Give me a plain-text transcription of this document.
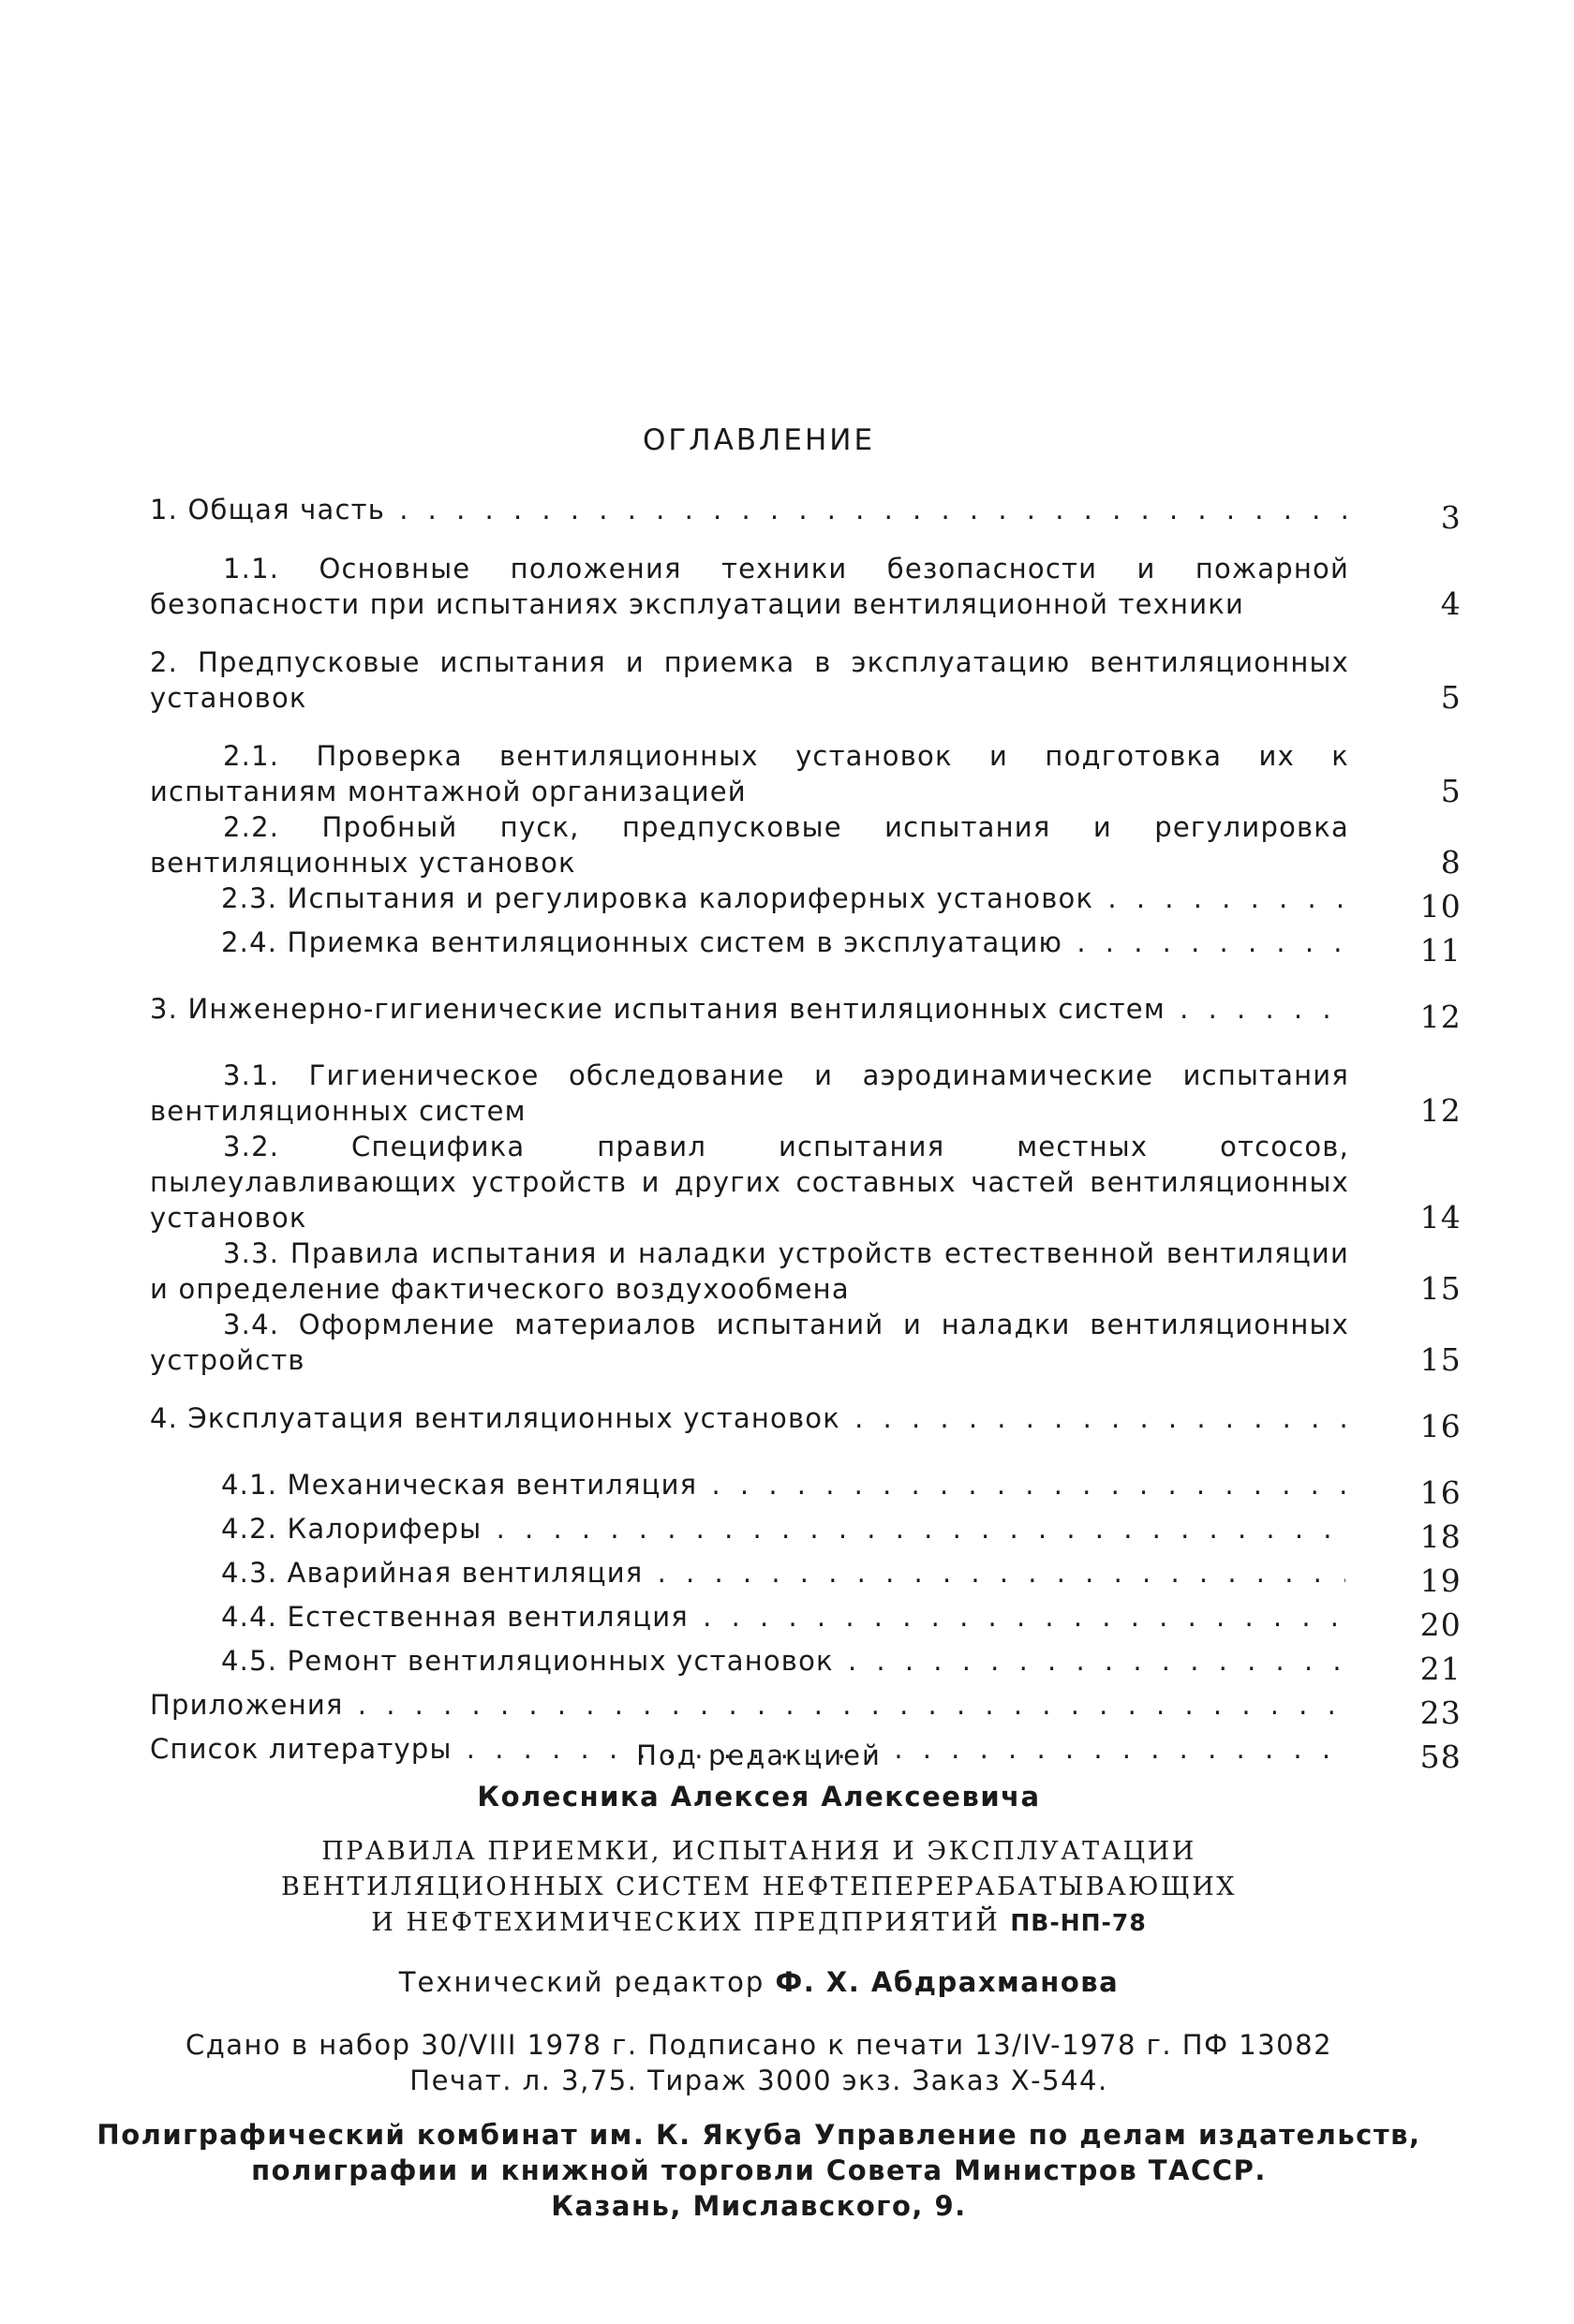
ОГЛАВЛЕНИЕ
1. Общая часть . .	3
1.1. Основные положения техники безопасности и пожарной безопасности при испытаниях эксплуатации вентиляционной техники	4
2. Предпусковые испытания и приемка в эксплуатацию вентиляционных установок	5
2.1. Проверка вентиляционных установок и подготовка их к испытаниям монтажной организацией	5
2.2. Пробный пуск, предпусковые испытания и регулировка вентиляционных установок	8
2.3. Испытания и регулировка калориферных установок . .	10
2.4. Приемка вентиляционных систем в эксплуатацию . .	11
3. Инженерно-гигиенические испытания вентиляционных систем . .	12
3.1. Гигиеническое обследование и аэродинамические испытания вентиляционных систем	12
3.2. Специфика правил испытания местных отсосов, пылеулавливающих устройств и других составных частей вентиляционных установок	14
3.3. Правила испытания и наладки устройств естественной вентиляции и определение фактического воздухообмена	15
3.4. Оформление материалов испытаний и наладки вентиляционных устройств	15
4. Эксплуатация вентиляционных установок . .	16
4.1. Механическая вентиляция . .	16
4.2. Калориферы . .	18
4.3. Аварийная вентиляция . .	19
4.4. Естественная вентиляция . .	20
4.5. Ремонт вентиляционных установок . .	21
Приложения . .	23
Список литературы . .	58
Под редакцией
Колесника Алексея Алексеевича
ПРАВИЛА ПРИЕМКИ, ИСПЫТАНИЯ И ЭКСПЛУАТАЦИИ
ВЕНТИЛЯЦИОННЫХ СИСТЕМ НЕФТЕПЕРЕРАБАТЫВАЮЩИХ
И НЕФТЕХИМИЧЕСКИХ ПРЕДПРИЯТИЙ ПВ-НП-78
Технический редактор Ф. Х. Абдрахманова
Сдано в набор 30/VIII 1978 г. Подписано к печати 13/IV-1978 г. ПФ 13082
Печат. л. 3,75. Тираж 3000 экз. Заказ Х-544.
Полиграфический комбинат им. К. Якуба Управление по делам издательств,
полиграфии и книжной торговли Совета Министров ТАССР.
Казань, Миславского, 9.
